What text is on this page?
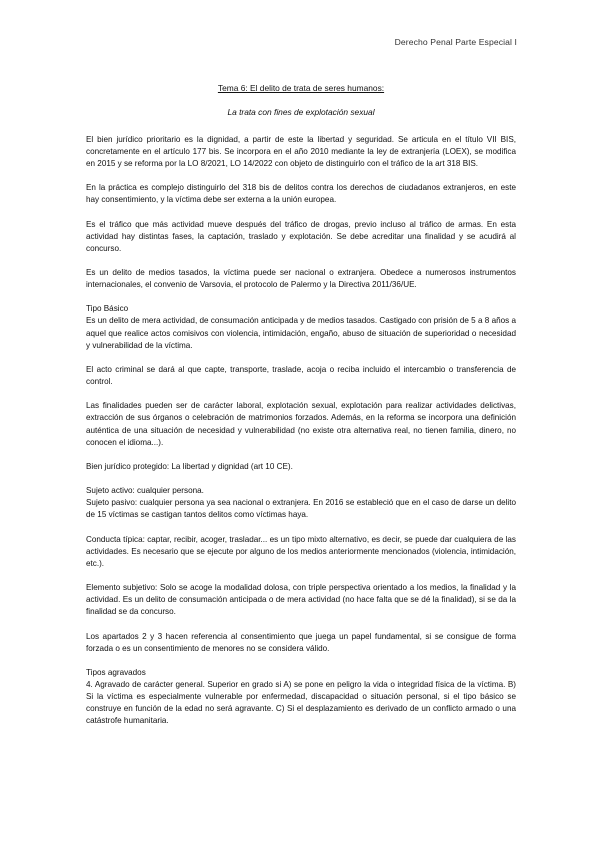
Derecho Penal Parte Especial I

Tema 6: El delito de trata de seres humanos:

La trata con fines de explotación sexual

El bien jurídico prioritario es la dignidad, a partir de este la libertad y seguridad. Se articula en el título VII BIS, concretamente en el artículo 177 bis. Se incorpora en el año 2010 mediante la ley de extranjería (LOEX), se modifica en 2015 y se reforma por la LO 8/2021, LO 14/2022 con objeto de distinguirlo con el tráfico de la art 318 BIS.

En la práctica es complejo distinguirlo del 318 bis de delitos contra los derechos de ciudadanos extranjeros, en este hay consentimiento, y la víctima debe ser externa a la unión europea.

Es el tráfico que más actividad mueve después del tráfico de drogas, previo incluso al tráfico de armas. En esta actividad hay distintas fases, la captación, traslado y explotación. Se debe acreditar una finalidad y se acudirá al concurso.

Es un delito de medios tasados, la víctima puede ser nacional o extranjera. Obedece a numerosos instrumentos internacionales, el convenio de Varsovia, el protocolo de Palermo y la Directiva 2011/36/UE.

Tipo Básico
Es un delito de mera actividad, de consumación anticipada y de medios tasados. Castigado con prisión de 5 a 8 años a aquel que realice actos comisivos con violencia, intimidación, engaño, abuso de situación de superioridad o necesidad y vulnerabilidad de la víctima.

El acto criminal se dará al que capte, transporte, traslade, acoja o reciba incluido el intercambio o transferencia de control.

Las finalidades pueden ser de carácter laboral, explotación sexual, explotación para realizar actividades delictivas, extracción de sus órganos o celebración de matrimonios forzados. Además, en la reforma se incorpora una definición auténtica de una situación de necesidad y vulnerabilidad (no existe otra alternativa real, no tienen familia, dinero, no conocen el idioma...).

Bien jurídico protegido: La libertad y dignidad (art 10 CE).

Sujeto activo: cualquier persona.
Sujeto pasivo: cualquier persona ya sea nacional o extranjera. En 2016 se estableció que en el caso de darse un delito de 15 víctimas se castigan tantos delitos como víctimas haya.

Conducta típica: captar, recibir, acoger, trasladar... es un tipo mixto alternativo, es decir, se puede dar cualquiera de las actividades. Es necesario que se ejecute por alguno de los medios anteriormente mencionados (violencia, intimidación, etc.).

Elemento subjetivo: Solo se acoge la modalidad dolosa, con triple perspectiva orientado a los medios, la finalidad y la actividad. Es un delito de consumación anticipada o de mera actividad (no hace falta que se dé la finalidad), si se da la finalidad se da concurso.

Los apartados 2 y 3 hacen referencia al consentimiento que juega un papel fundamental, si se consigue de forma forzada o es un consentimiento de menores no se considera válido.

Tipos agravados
4. Agravado de carácter general. Superior en grado si A) se pone en peligro la vida o integridad física de la víctima. B) Si la víctima es especialmente vulnerable por enfermedad, discapacidad o situación personal, si el tipo básico se construye en función de la edad no será agravante. C) Si el desplazamiento es derivado de un conflicto armado o una catástrofe humanitaria.
